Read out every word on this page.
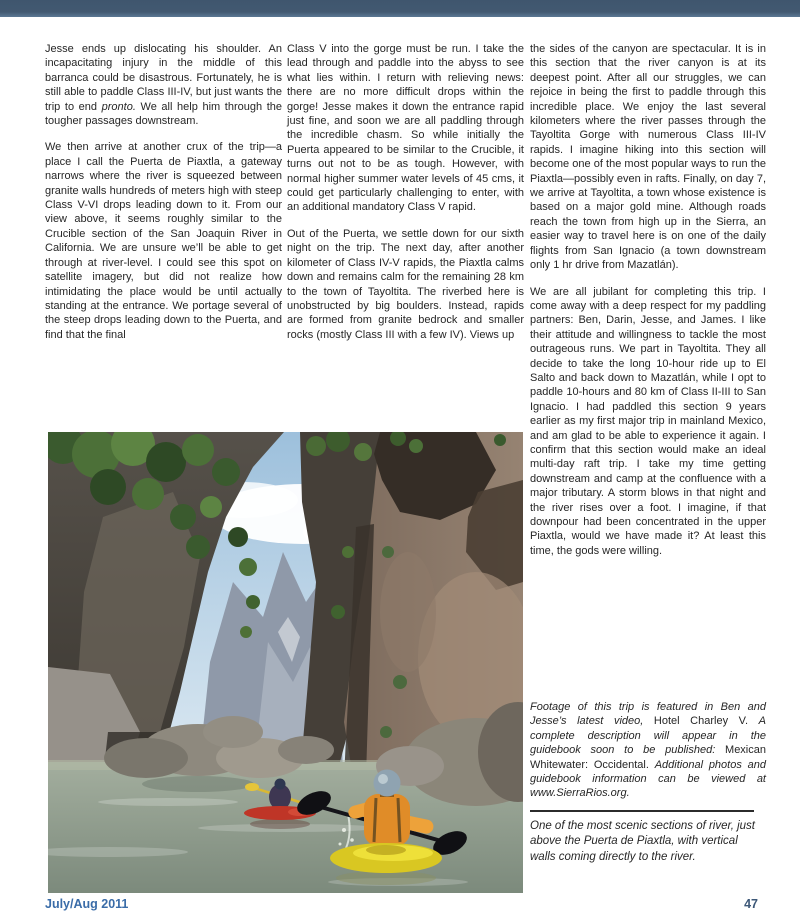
Jesse ends up dislocating his shoulder. An incapacitating injury in the middle of this barranca could be disastrous. Fortunately, he is still able to paddle Class III-IV, but just wants the trip to end pronto. We all help him through the tougher passages downstream.

We then arrive at another crux of the trip—a place I call the Puerta de Piaxtla, a gateway narrows where the river is squeezed between granite walls hundreds of meters high with steep Class V-VI drops leading down to it. From our view above, it seems roughly similar to the Crucible section of the San Joaquin River in California. We are unsure we’ll be able to get through at river-level. I could see this spot on satellite imagery, but did not realize how intimidating the place would be until actually standing at the entrance. We portage several of the steep drops leading down to the Puerta, and find that the final

Class V into the gorge must be run. I take the lead through and paddle into the abyss to see what lies within. I return with relieving news: there are no more difficult drops within the gorge! Jesse makes it down the entrance rapid just fine, and soon we are all paddling through the incredible chasm. So while initially the Puerta appeared to be similar to the Crucible, it turns out not to be as tough. However, with normal higher summer water levels of 45 cms, it could get particularly challenging to enter, with an additional mandatory Class V rapid.

Out of the Puerta, we settle down for our sixth night on the trip. The next day, after another kilometer of Class IV-V rapids, the Piaxtla calms down and remains calm for the remaining 28 km to the town of Tayoltita. The riverbed here is unobstructed by big boulders. Instead, rapids are formed from granite bedrock and smaller rocks (mostly Class III with a few IV). Views up

the sides of the canyon are spectacular. It is in this section that the river canyon is at its deepest point. After all our struggles, we can rejoice in being the first to paddle through this incredible place. We enjoy the last several kilometers where the river passes through the Tayoltita Gorge with numerous Class III-IV rapids. I imagine hiking into this section will become one of the most popular ways to run the Piaxtla—possibly even in rafts. Finally, on day 7, we arrive at Tayoltita, a town whose existence is based on a major gold mine. Although roads reach the town from high up in the Sierra, an easier way to travel here is on one of the daily flights from San Ignacio (a town downstream only 1 hr drive from Mazatlán).

We are all jubilant for completing this trip. I come away with a deep respect for my paddling partners: Ben, Darin, Jesse, and James. I like their attitude and willingness to tackle the most outrageous runs. We part in Tayoltita. They all decide to take the long 10-hour ride up to El Salto and back down to Mazatlán, while I opt to paddle 10-hours and 80 km of Class II-III to San Ignacio. I had paddled this section 9 years earlier as my first major trip in mainland Mexico, and am glad to be able to experience it again. I confirm that this section would make an ideal multi-day raft trip. I take my time getting downstream and camp at the confluence with a major tributary. A storm blows in that night and the river rises over a foot. I imagine, if that downpour had been concentrated in the upper Piaxtla, would we have made it? At least this time, the gods were willing.

Footage of this trip is featured in Ben and Jesse’s latest video, Hotel Charley V. A complete description will appear in the guidebook soon to be published: Mexican Whitewater: Occidental. Additional photos and guidebook information can be viewed at www.SierraRios.org.

One of the most scenic sections of river, just above the Puerta de Piaxtla, with vertical walls coming directly to the river.

July/Aug 2011	47
